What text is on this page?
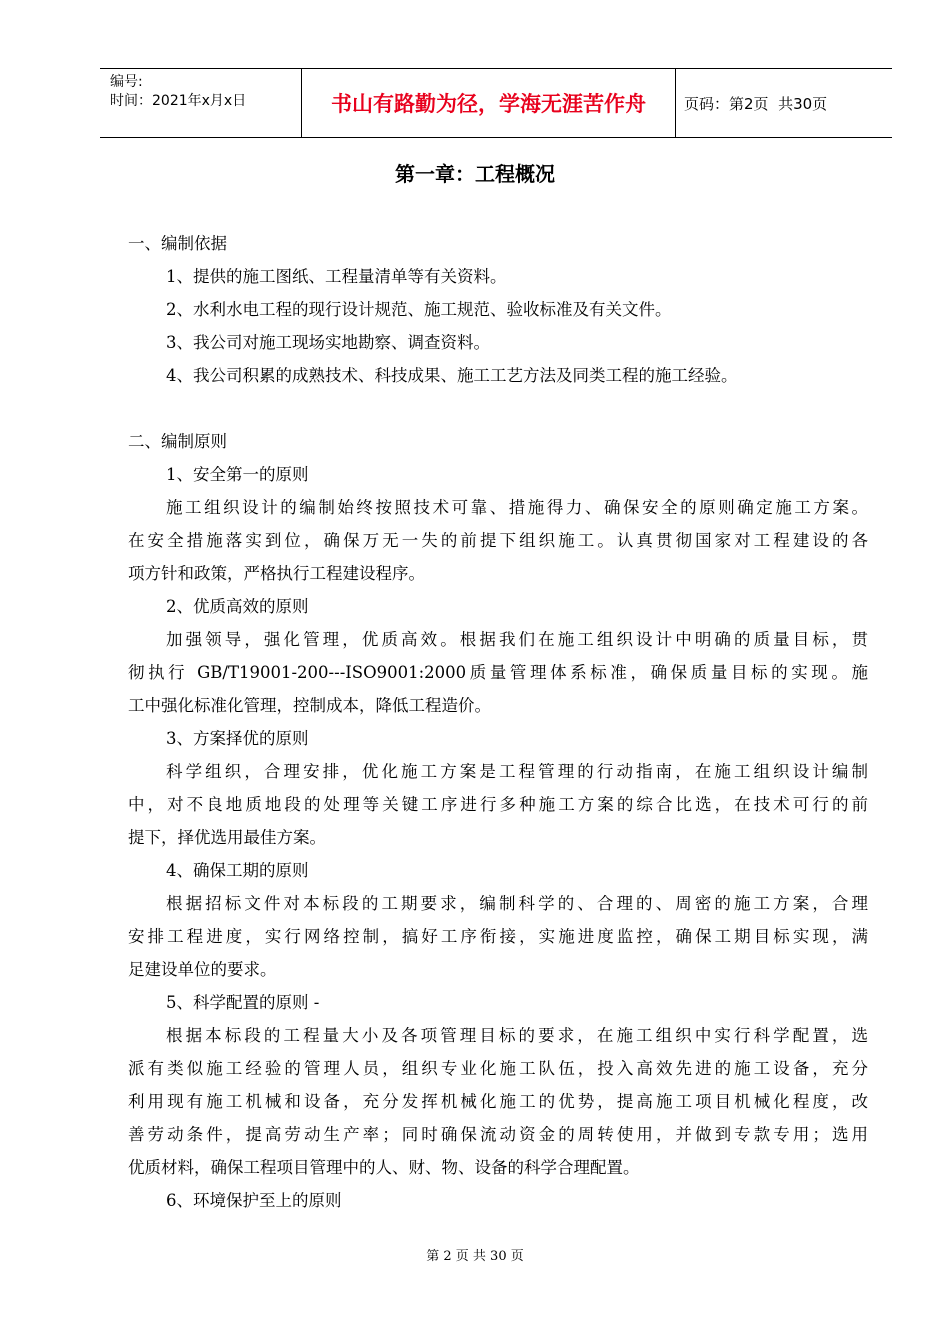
编号:
时间：2021年x月x日	书山有路勤为径，学海无涯苦作舟	页码：第2页  共30页
第一章：工程概况
一、编制依据
1、提供的施工图纸、工程量清单等有关资料。
2、水利水电工程的现行设计规范、施工规范、验收标准及有关文件。
3、我公司对施工现场实地勘察、调查资料。
4、我公司积累的成熟技术、科技成果、施工工艺方法及同类工程的施工经验。
二、编制原则
1、安全第一的原则
施工组织设计的编制始终按照技术可靠、措施得力、确保安全的原则确定施工方案。
在安全措施落实到位，确保万无一失的前提下组织施工。认真贯彻国家对工程建设的各
项方针和政策，严格执行工程建设程序。
2、优质高效的原则
加强领导，强化管理，优质高效。根据我们在施工组织设计中明确的质量目标，贯
彻执行 GB/T19001-200---ISO9001:2000质量管理体系标准，确保质量目标的实现。施
工中强化标准化管理，控制成本，降低工程造价。
3、方案择优的原则
科学组织，合理安排，优化施工方案是工程管理的行动指南，在施工组织设计编制
中，对不良地质地段的处理等关键工序进行多种施工方案的综合比选，在技术可行的前
提下，择优选用最佳方案。
4、确保工期的原则
根据招标文件对本标段的工期要求，编制科学的、合理的、周密的施工方案，合理
安排工程进度，实行网络控制，搞好工序衔接，实施进度监控，确保工期目标实现，满
足建设单位的要求。
5、科学配置的原则 -
根据本标段的工程量大小及各项管理目标的要求，在施工组织中实行科学配置，选
派有类似施工经验的管理人员，组织专业化施工队伍，投入高效先进的施工设备，充分
利用现有施工机械和设备，充分发挥机械化施工的优势，提高施工项目机械化程度，改
善劳动条件，提高劳动生产率；同时确保流动资金的周转使用，并做到专款专用；选用
优质材料，确保工程项目管理中的人、财、物、设备的科学合理配置。
6、环境保护至上的原则
第 2 页 共 30 页
